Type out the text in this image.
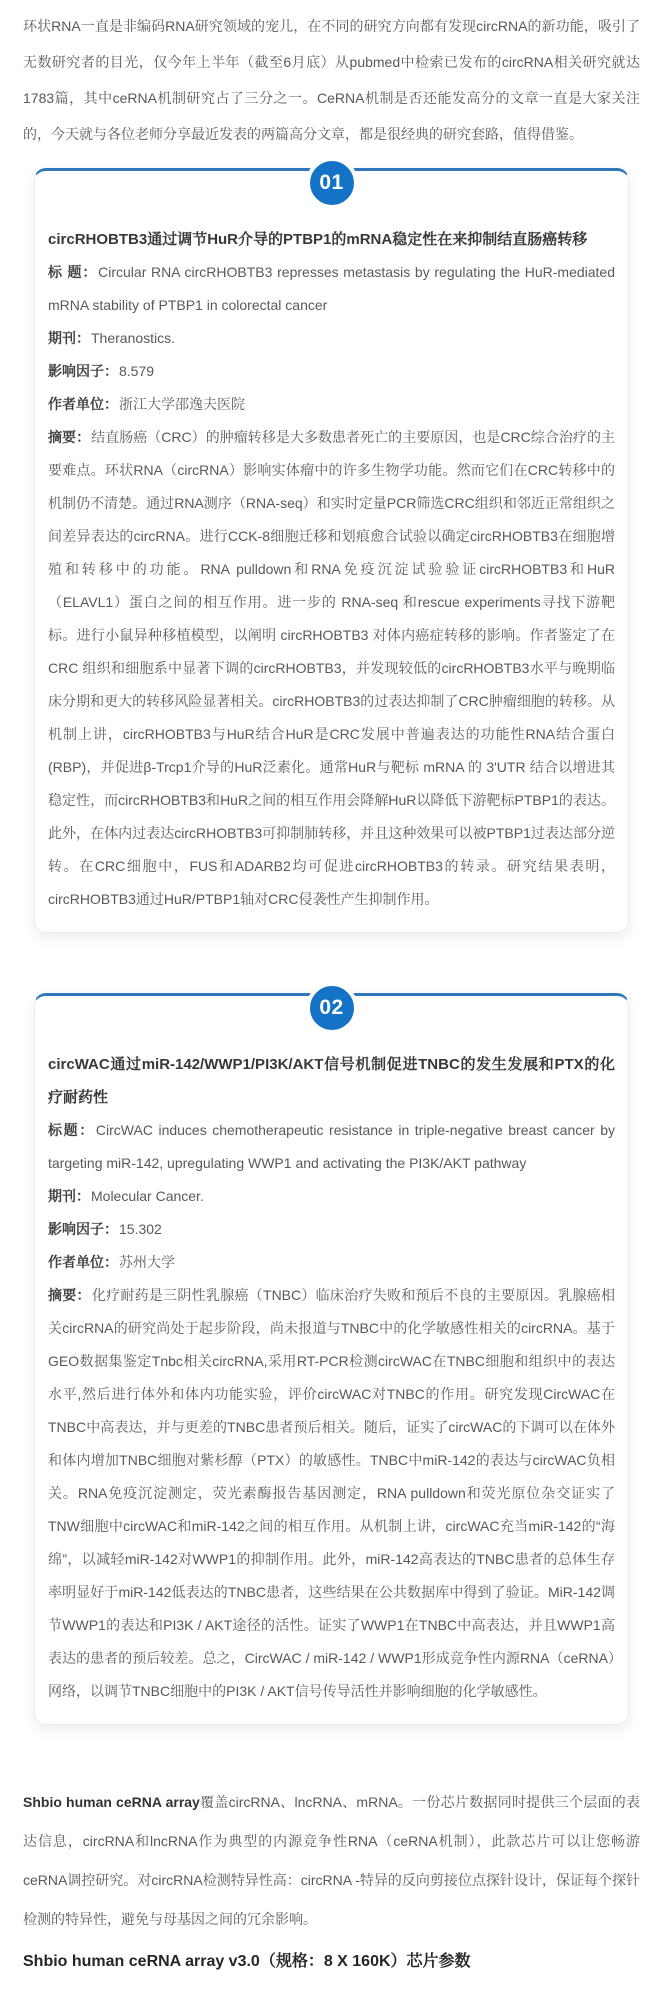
环状RNA一直是非编码RNA研究领域的宠儿，在不同的研究方向都有发现circRNA的新功能，吸引了无数研究者的目光，仅今年上半年（截至6月底）从pubmed中检索已发布的circRNA相关研究就达1783篇，其中ceRNA机制研究占了三分之一。CeRNA机制是否还能发高分的文章一直是大家关注的，今天就与各位老师分享最近发表的两篇高分文章，都是很经典的研究套路，值得借鉴。

01

circRHOBTB3通过调节HuR介导的PTBP1的mRNA稳定性在来抑制结直肠癌转移

标 题：Circular RNA circRHOBTB3 represses metastasis by regulating the HuR-mediated mRNA stability of PTBP1 in colorectal cancer

期刊：Theranostics.

影响因子：8.579

作者单位：浙江大学邵逸夫医院

摘要：结直肠癌（CRC）的肿瘤转移是大多数患者死亡的主要原因，也是CRC综合治疗的主要难点。环状RNA（circRNA）影响实体瘤中的许多生物学功能。然而它们在CRC转移中的机制仍不清楚。通过RNA测序（RNA-seq）和实时定量PCR筛选CRC组织和邻近正常组织之间差异表达的circRNA。进行CCK-8细胞迁移和划痕愈合试验以确定circRHOBTB3在细胞增殖和转移中的功能。RNA pulldown和RNA免疫沉淀试验验证circRHOBTB3和HuR（ELAVL1）蛋白之间的相互作用。进一步的 RNA-seq 和rescue experiments寻找下游靶标。进行小鼠异种移植模型，以阐明 circRHOBTB3 对体内癌症转移的影响。作者鉴定了在 CRC 组织和细胞系中显著下调的circRHOBTB3，并发现较低的circRHOBTB3水平与晚期临床分期和更大的转移风险显著相关。circRHOBTB3的过表达抑制了CRC肿瘤细胞的转移。从机制上讲，circRHOBTB3与HuR结合HuR是CRC发展中普遍表达的功能性RNA结合蛋白 (RBP)，并促进β-Trcp1介导的HuR泛素化。通常HuR与靶标 mRNA 的 3'UTR 结合以增进其稳定性，而circRHOBTB3和HuR之间的相互作用会降解HuR以降低下游靶标PTBP1的表达。此外，在体内过表达circRHOBTB3可抑制肺转移，并且这种效果可以被PTBP1过表达部分逆转。在CRC细胞中，FUS和ADARB2均可促进circRHOBTB3的转录。研究结果表明，circRHOBTB3通过HuR/PTBP1轴对CRC侵袭性产生抑制作用。

02

circWAC通过miR-142/WWP1/PI3K/AKT信号机制促进TNBC的发生发展和PTX的化疗耐药性

标题：CircWAC induces chemotherapeutic resistance in triple-negative breast cancer by targeting miR-142, upregulating WWP1 and activating the PI3K/AKT pathway

期刊：Molecular Cancer.

影响因子：15.302

作者单位：苏州大学

摘要：化疗耐药是三阴性乳腺癌（TNBC）临床治疗失败和预后不良的主要原因。乳腺癌相关circRNA的研究尚处于起步阶段，尚未报道与TNBC中的化学敏感性相关的circRNA。基于GEO数据集鉴定Tnbc相关circRNA,采用RT-PCR检测circWAC在TNBC细胞和组织中的表达水平,然后进行体外和体内功能实验，评价circWAC对TNBC的作用。研究发现CircWAC在TNBC中高表达，并与更差的TNBC患者预后相关。随后，证实了circWAC的下调可以在体外和体内增加TNBC细胞对紫杉醇（PTX）的敏感性。TNBC中miR-142的表达与circWAC负相关。RNA免疫沉淀测定，荧光素酶报告基因测定，RNA pulldown和荧光原位杂交证实了TNW细胞中circWAC和miR-142之间的相互作用。从机制上讲，circWAC充当miR-142的“海绵”，以减轻miR-142对WWP1的抑制作用。此外，miR-142高表达的TNBC患者的总体生存率明显好于miR-142低表达的TNBC患者，这些结果在公共数据库中得到了验证。MiR-142调节WWP1的表达和PI3K / AKT途径的活性。证实了WWP1在TNBC中高表达，并且WWP1高表达的患者的预后较差。总之，CircWAC / miR-142 / WWP1形成竞争性内源RNA（ceRNA）网络，以调节TNBC细胞中的PI3K / AKT信号传导活性并影响细胞的化学敏感性。

Shbio human ceRNA array覆盖circRNA、lncRNA、mRNA。一份芯片数据同时提供三个层面的表达信息，circRNA和lncRNA作为典型的内源竞争性RNA（ceRNA机制），此款芯片可以让您畅游ceRNA调控研究。对circRNA检测特异性高：circRNA -特异的反向剪接位点探针设计，保证每个探针检测的特异性，避免与母基因之间的冗余影响。

Shbio human ceRNA array v3.0（规格：8 X 160K）芯片参数
